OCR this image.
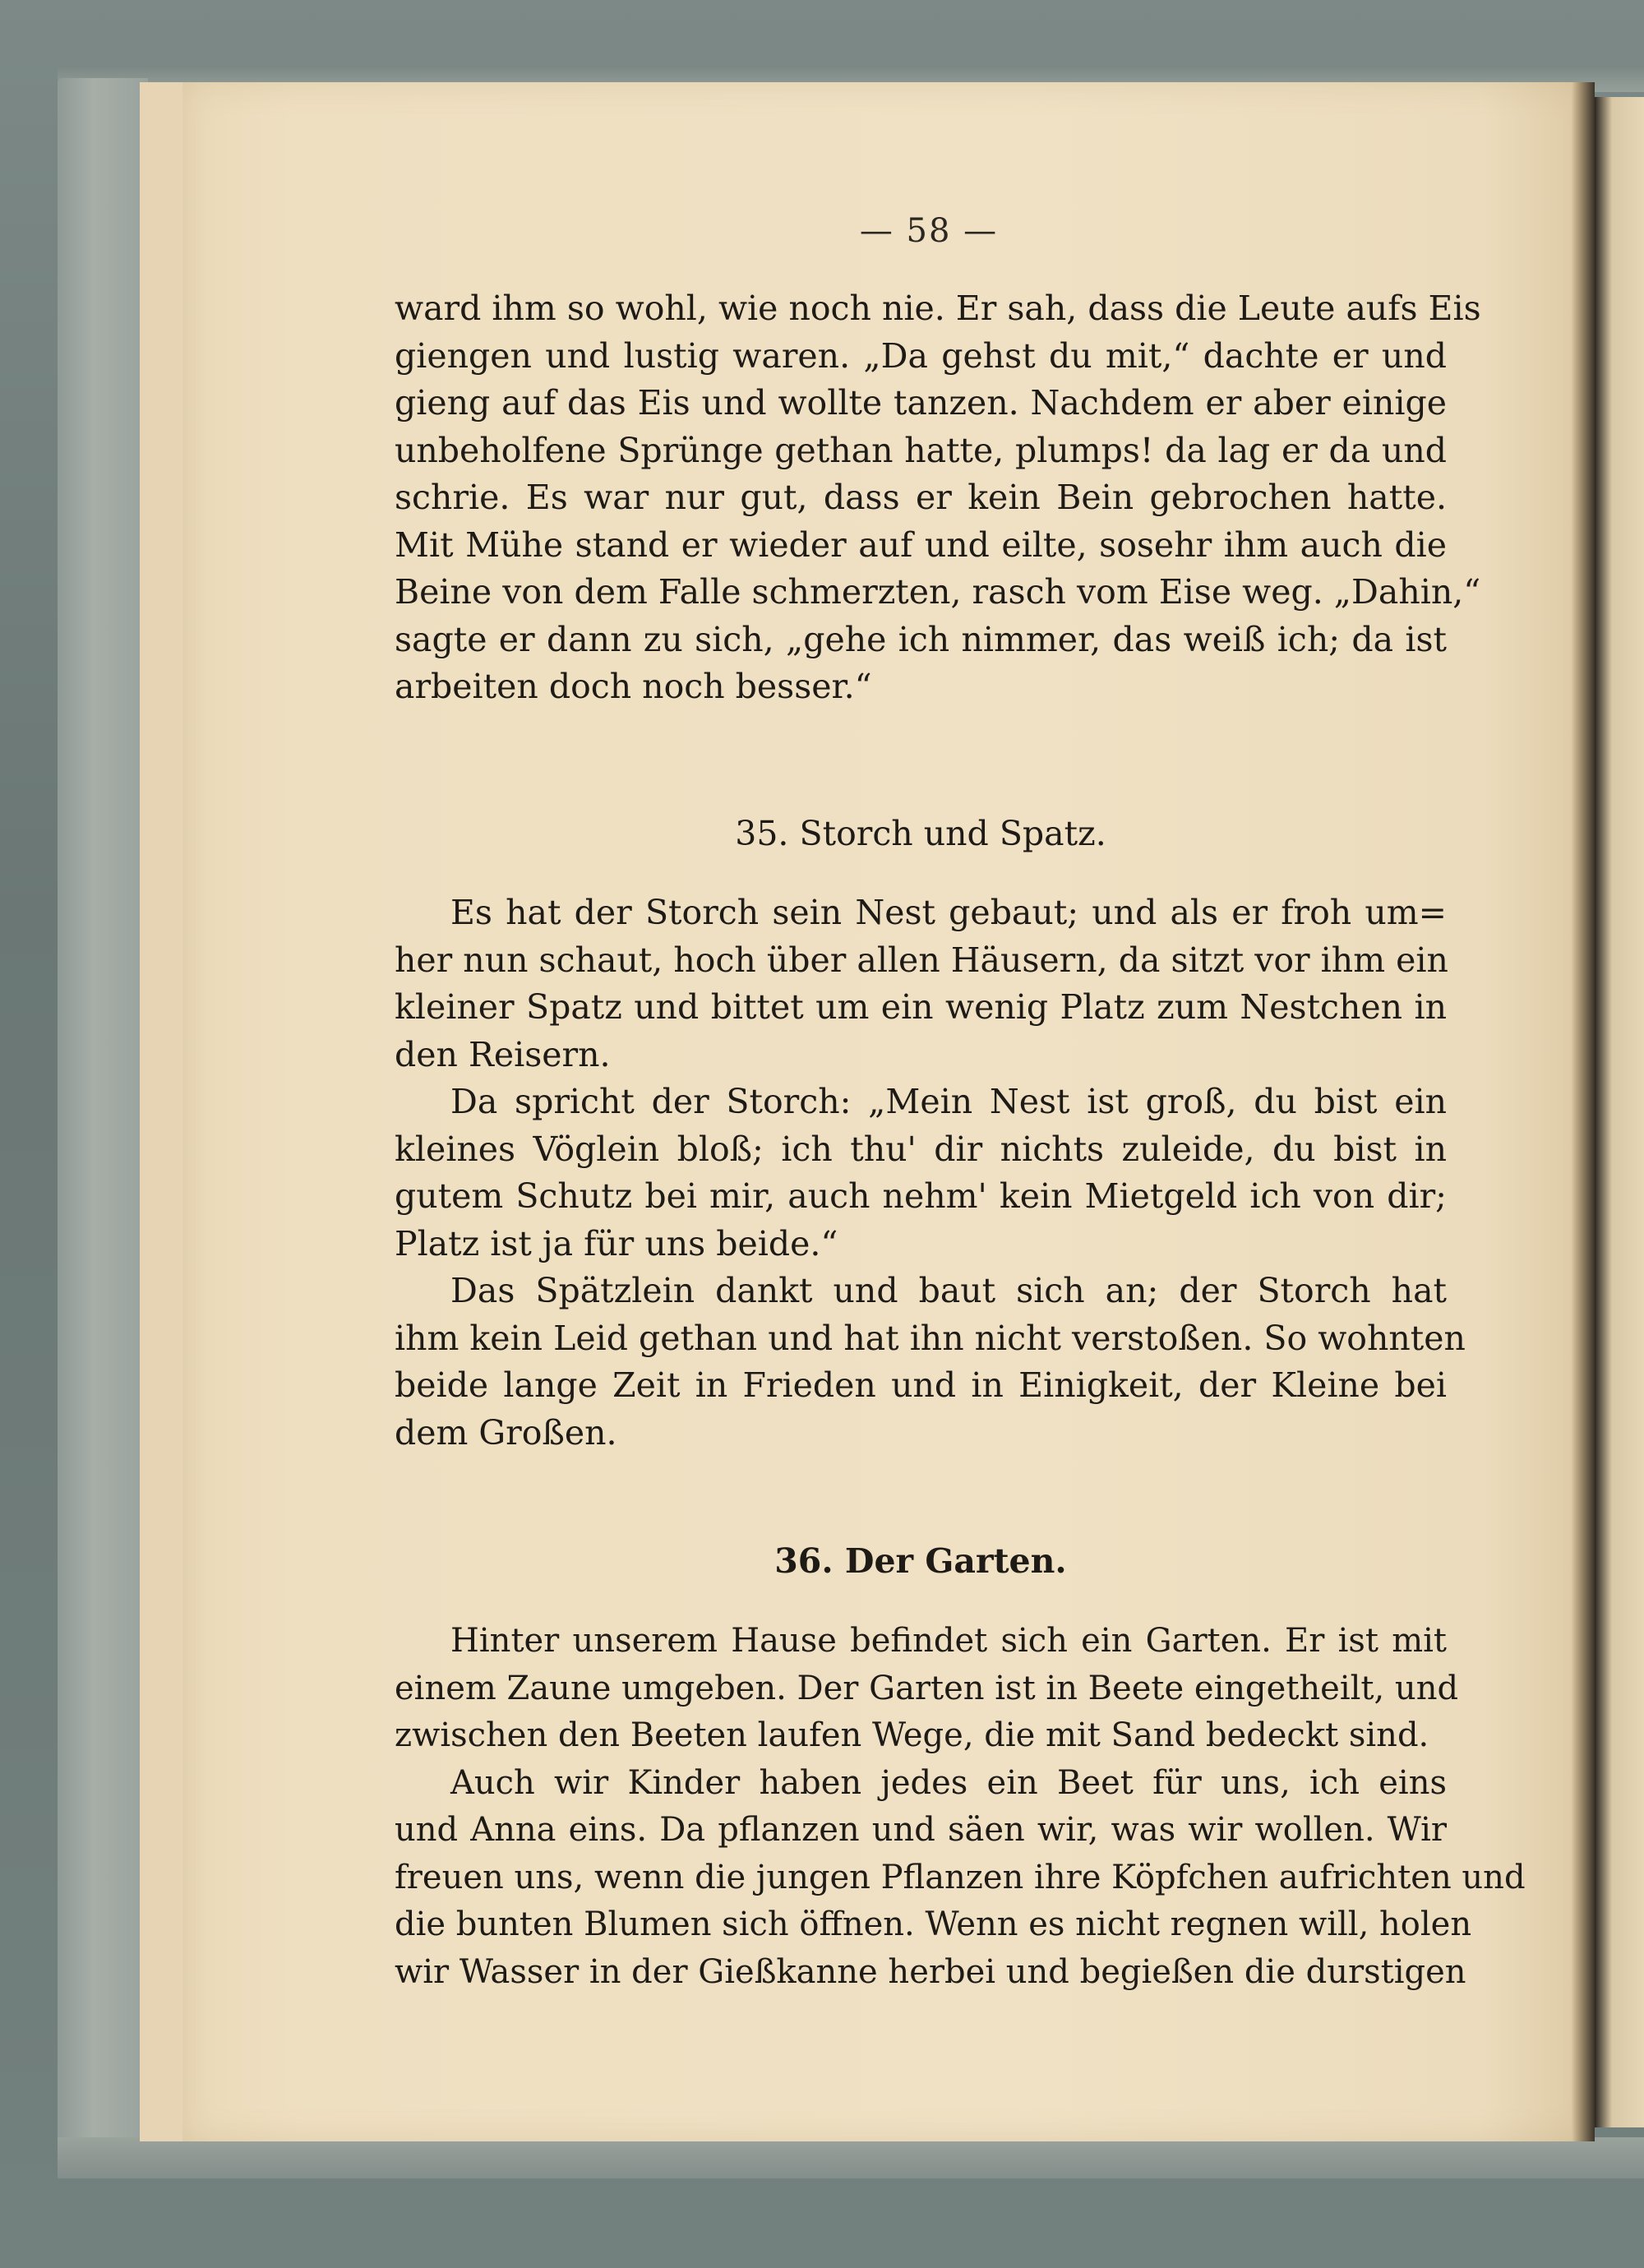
— 58 —
ward ihm so wohl, wie noch nie. Er sah, dass die Leute aufs Eis
giengen und lustig waren. „Da gehst du mit,“ dachte er und
gieng auf das Eis und wollte tanzen. Nachdem er aber einige
unbeholfene Sprünge gethan hatte, plumps! da lag er da und
schrie. Es war nur gut, dass er kein Bein gebrochen hatte.
Mit Mühe stand er wieder auf und eilte, sosehr ihm auch die
Beine von dem Falle schmerzten, rasch vom Eise weg. „Dahin,“
sagte er dann zu sich, „gehe ich nimmer, das weiß ich; da ist
arbeiten doch noch besser.“
35. Storch und Spatz.
Es hat der Storch sein Nest gebaut; und als er froh um=
her nun schaut, hoch über allen Häusern, da sitzt vor ihm ein
kleiner Spatz und bittet um ein wenig Platz zum Nestchen in
den Reisern.
Da spricht der Storch: „Mein Nest ist groß, du bist ein
kleines Vöglein bloß; ich thu' dir nichts zuleide, du bist in
gutem Schutz bei mir, auch nehm' kein Mietgeld ich von dir;
Platz ist ja für uns beide.“
Das Spätzlein dankt und baut sich an; der Storch hat
ihm kein Leid gethan und hat ihn nicht verstoßen. So wohnten
beide lange Zeit in Frieden und in Einigkeit, der Kleine bei
dem Großen.
36. Der Garten.
Hinter unserem Hause befindet sich ein Garten. Er ist mit
einem Zaune umgeben. Der Garten ist in Beete eingetheilt, und
zwischen den Beeten laufen Wege, die mit Sand bedeckt sind.
Auch wir Kinder haben jedes ein Beet für uns, ich eins
und Anna eins. Da pflanzen und säen wir, was wir wollen. Wir
freuen uns, wenn die jungen Pflanzen ihre Köpfchen aufrichten und
die bunten Blumen sich öffnen. Wenn es nicht regnen will, holen
wir Wasser in der Gießkanne herbei und begießen die durstigen
